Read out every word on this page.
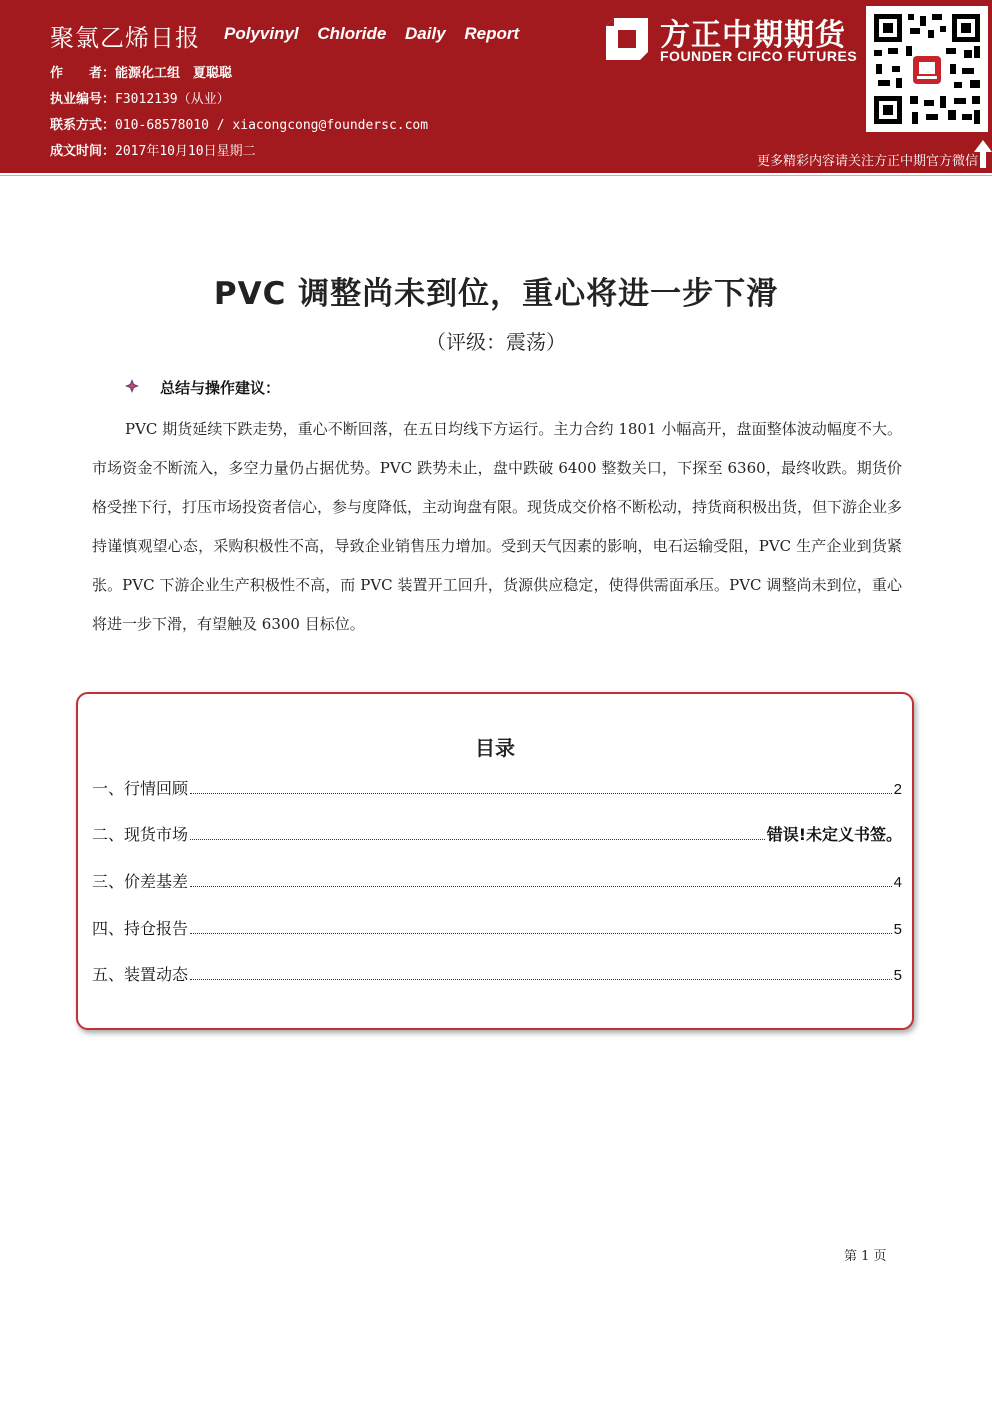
聚氯乙烯日报 Polyvinyl Chloride Daily Report
作　　者：能源化工组　夏聪聪
执业编号：F3012139（从业）
联系方式：010-68578010 / xiacongcong@foundersc.com
成文时间：2017年10月10日星期二
方正中期期货
FOUNDER CIFCO FUTURES
更多精彩内容请关注方正中期官方微信
PVC 调整尚未到位，重心将进一步下滑
（评级：震荡）
总结与操作建议：
PVC 期货延续下跌走势，重心不断回落，在五日均线下方运行。主力合约 1801 小幅高开，盘面整体波动幅度不大。市场资金不断流入，多空力量仍占据优势。PVC 跌势未止，盘中跌破 6400 整数关口，下探至 6360，最终收跌。期货价格受挫下行，打压市场投资者信心，参与度降低，主动询盘有限。现货成交价格不断松动，持货商积极出货，但下游企业多持谨慎观望心态，采购积极性不高，导致企业销售压力增加。受到天气因素的影响，电石运输受阻，PVC 生产企业到货紧张。PVC 下游企业生产积极性不高，而 PVC 装置开工回升，货源供应稳定，使得供需面承压。PVC 调整尚未到位，重心将进一步下滑，有望触及 6300 目标位。
目录
一、行情回顾	2
二、现货市场	错误!未定义书签。
三、价差基差	4
四、持仓报告	5
五、装置动态	5
第 1 页
